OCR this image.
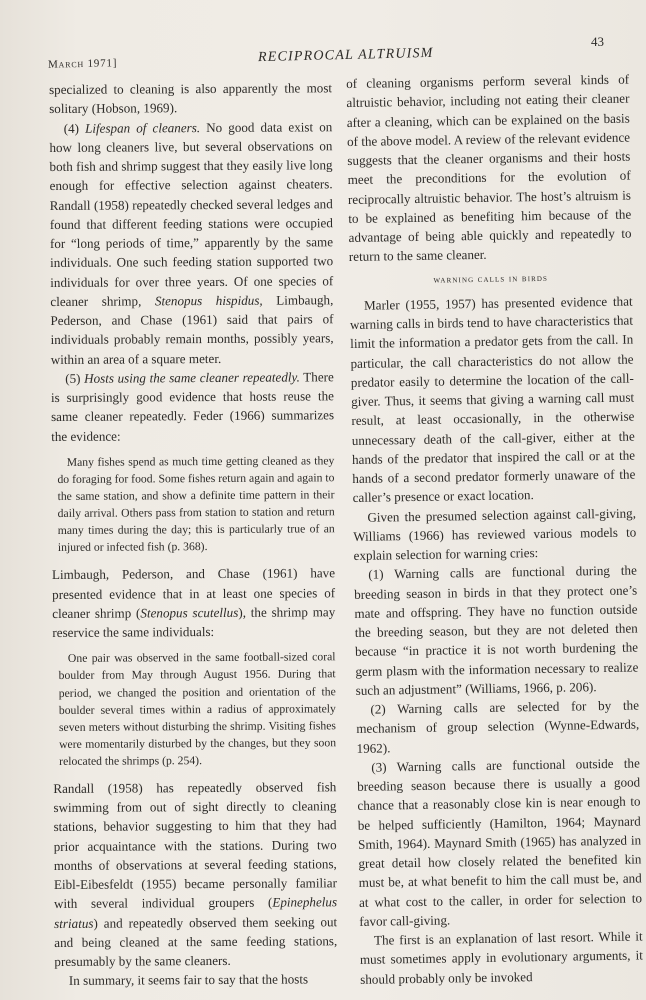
March 1971]	RECIPROCAL ALTRUISM
43

specialized to cleaning is also apparently the most solitary (Hobson, 1969).

(4) Lifespan of cleaners. No good data exist on how long cleaners live, but several observations on both fish and shrimp suggest that they easily live long enough for effective selection against cheaters. Randall (1958) repeatedly checked several ledges and found that different feeding stations were occupied for “long periods of time,” apparently by the same individuals. One such feeding station supported two individuals for over three years. Of one species of cleaner shrimp, Stenopus hispidus, Limbaugh, Pederson, and Chase (1961) said that pairs of individuals probably remain months, possibly years, within an area of a square meter.

(5) Hosts using the same cleaner repeatedly. There is surprisingly good evidence that hosts reuse the same cleaner repeatedly. Feder (1966) summarizes the evidence:

Many fishes spend as much time getting cleaned as they do foraging for food. Some fishes return again and again to the same station, and show a definite time pattern in their daily arrival. Others pass from station to station and return many times during the day; this is particularly true of an injured or infected fish (p. 368).

Limbaugh, Pederson, and Chase (1961) have presented evidence that in at least one species of cleaner shrimp (Stenopus scutellus), the shrimp may reservice the same individuals:

One pair was observed in the same football-sized coral boulder from May through August 1956. During that period, we changed the position and orientation of the boulder several times within a radius of approximately seven meters without disturbing the shrimp. Visiting fishes were momentarily disturbed by the changes, but they soon relocated the shrimps (p. 254).

Randall (1958) has repeatedly observed fish swimming from out of sight directly to cleaning stations, behavior suggesting to him that they had prior acquaintance with the stations. During two months of observations at several feeding stations, Eibl-Eibesfeldt (1955) became personally familiar with several individual groupers (Epinephelus striatus) and repeatedly observed them seeking out and being cleaned at the same feeding stations, presumably by the same cleaners.

In summary, it seems fair to say that the hosts

of cleaning organisms perform several kinds of altruistic behavior, including not eating their cleaner after a cleaning, which can be explained on the basis of the above model. A review of the relevant evidence suggests that the cleaner organisms and their hosts meet the preconditions for the evolution of reciprocally altruistic behavior. The host’s altruism is to be explained as benefiting him because of the advantage of being able quickly and repeatedly to return to the same cleaner.

warning calls in birds

Marler (1955, 1957) has presented evidence that warning calls in birds tend to have characteristics that limit the information a predator gets from the call. In particular, the call characteristics do not allow the predator easily to determine the location of the call-giver. Thus, it seems that giving a warning call must result, at least occasionally, in the otherwise unnecessary death of the call-giver, either at the hands of the predator that inspired the call or at the hands of a second predator formerly unaware of the caller’s presence or exact location.

Given the presumed selection against call-giving, Williams (1966) has reviewed various models to explain selection for warning cries:

(1) Warning calls are functional during the breeding season in birds in that they protect one’s mate and offspring. They have no function outside the breeding season, but they are not deleted then because “in practice it is not worth burdening the germ plasm with the information necessary to realize such an adjustment” (Williams, 1966, p. 206).

(2) Warning calls are selected for by the mechanism of group selection (Wynne-Edwards, 1962).

(3) Warning calls are functional outside the breeding season because there is usually a good chance that a reasonably close kin is near enough to be helped sufficiently (Hamilton, 1964; Maynard Smith, 1964). Maynard Smith (1965) has analyzed in great detail how closely related the benefited kin must be, at what benefit to him the call must be, and at what cost to the caller, in order for selection to favor call-giving.

The first is an explanation of last resort. While it must sometimes apply in evolutionary arguments, it should probably only be invoked
